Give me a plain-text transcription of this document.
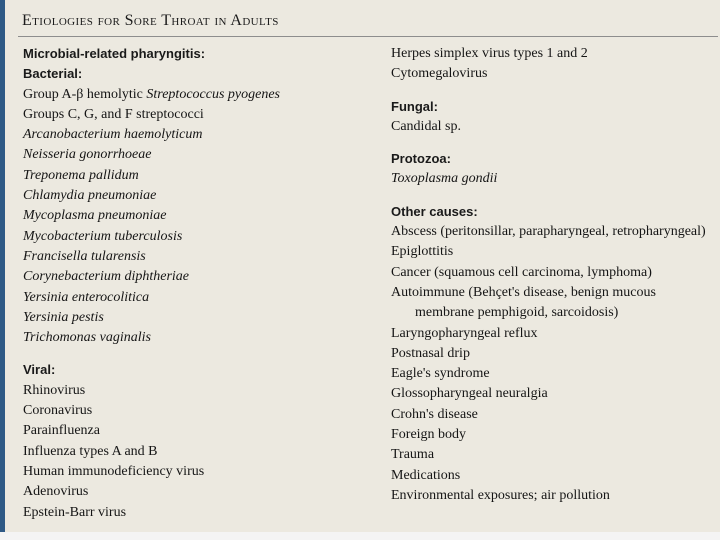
Etiologies for Sore Throat in Adults
Microbial-related pharyngitis:
Bacterial:
Group A-β hemolytic Streptococcus pyogenes
Groups C, G, and F streptococci
Arcanobacterium haemolyticum
Neisseria gonorrhoeae
Treponema pallidum
Chlamydia pneumoniae
Mycoplasma pneumoniae
Mycobacterium tuberculosis
Francisella tularensis
Corynebacterium diphtheriae
Yersinia enterocolitica
Yersinia pestis
Trichomonas vaginalis
Viral:
Rhinovirus
Coronavirus
Parainfluenza
Influenza types A and B
Human immunodeficiency virus
Adenovirus
Epstein-Barr virus
Herpes simplex virus types 1 and 2
Cytomegalovirus
Fungal:
Candidal sp.
Protozoa:
Toxoplasma gondii
Other causes:
Abscess (peritonsillar, parapharyngeal, retropharyngeal)
Epiglottitis
Cancer (squamous cell carcinoma, lymphoma)
Autoimmune (Behçet's disease, benign mucous
membrane pemphigoid, sarcoidosis)
Laryngopharyngeal reflux
Postnasal drip
Eagle's syndrome
Glossopharyngeal neuralgia
Crohn's disease
Foreign body
Trauma
Medications
Environmental exposures; air pollution
